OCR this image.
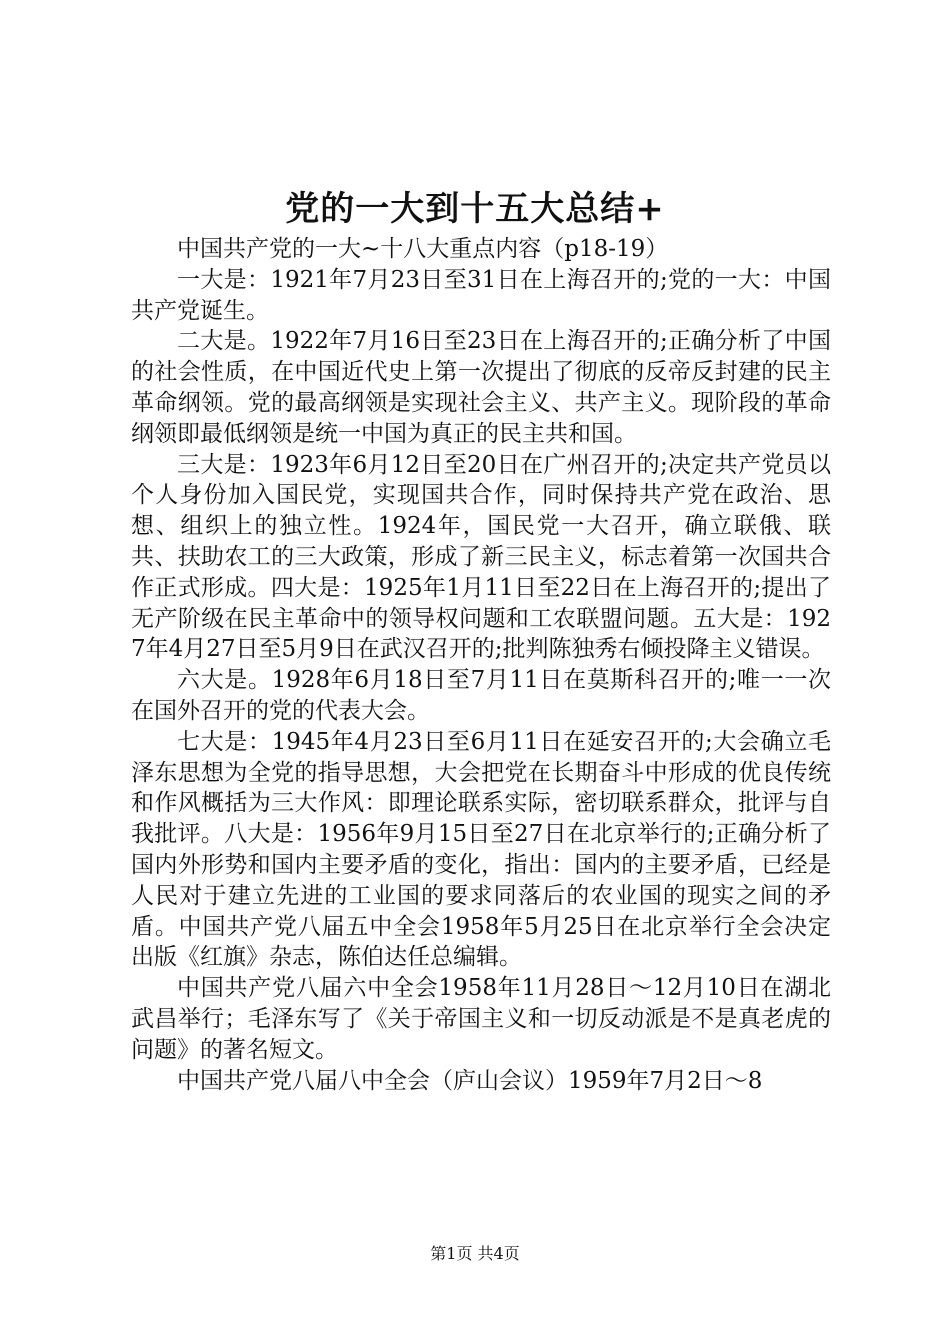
党的一大到十五大总结+

中国共产党的一大~十八大重点内容（p18-19）

一大是：1921年7月23日至31日在上海召开的;党的一大：中国共产党诞生。

二大是。1922年7月16日至23日在上海召开的;正确分析了中国的社会性质，在中国近代史上第一次提出了彻底的反帝反封建的民主革命纲领。党的最高纲领是实现社会主义、共产主义。现阶段的革命纲领即最低纲领是统一中国为真正的民主共和国。

三大是：1923年6月12日至20日在广州召开的;决定共产党员以个人身份加入国民党，实现国共合作，同时保持共产党在政治、思想、组织上的独立性。1924年，国民党一大召开，确立联俄、联共、扶助农工的三大政策，形成了新三民主义，标志着第一次国共合作正式形成。四大是：1925年1月11日至22日在上海召开的;提出了无产阶级在民主革命中的领导权问题和工农联盟问题。五大是：1927年4月27日至5月9日在武汉召开的;批判陈独秀右倾投降主义错误。

六大是。1928年6月18日至7月11日在莫斯科召开的;唯一一次在国外召开的党的代表大会。

七大是：1945年4月23日至6月11日在延安召开的;大会确立毛泽东思想为全党的指导思想，大会把党在长期奋斗中形成的优良传统和作风概括为三大作风：即理论联系实际，密切联系群众，批评与自我批评。八大是：1956年9月15日至27日在北京举行的;正确分析了国内外形势和国内主要矛盾的变化，指出：国内的主要矛盾，已经是人民对于建立先进的工业国的要求同落后的农业国的现实之间的矛盾。中国共产党八届五中全会1958年5月25日在北京举行全会决定出版《红旗》杂志，陈伯达任总编辑。

中国共产党八届六中全会1958年11月28日～12月10日在湖北武昌举行；毛泽东写了《关于帝国主义和一切反动派是不是真老虎的问题》的著名短文。

中国共产党八届八中全会（庐山会议）1959年7月2日～8

第1页 共4页
